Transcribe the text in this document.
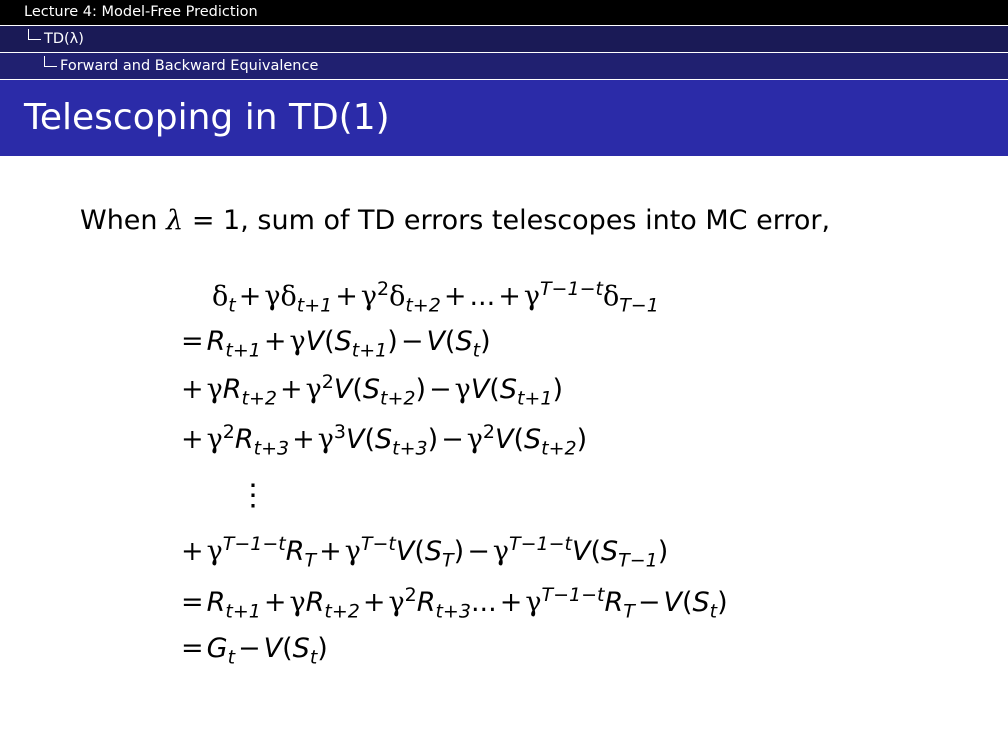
Lecture 4: Model-Free Prediction
TD(λ)
Forward and Backward Equivalence
Telescoping in TD(1)
When λ = 1, sum of TD errors telescopes into MC error,
$\delta_t + \gamma\delta_{t+1} + \gamma^2\delta_{t+2}$ + ... + $\gamma^{T-1-t}\delta_{T-1}$
= $R_{t+1} + \gamma V(S_{t+1}) - V(S_t)$
+ $\gamma R_{t+2} + \gamma^2V(S_{t+2}) - \gamma V(S_{t+1})$
+ $\gamma^2R_{t+3} + \gamma^3V(S_{t+3}) - \gamma^2V(S_{t+2})$
⋮
+ $\gamma^{T-1-t}R_T + \gamma^{T-t}V(S_T) - \gamma^{T-1-t}V(S_{T-1})$
= $R_{t+1} + \gamma R_{t+2} + \gamma^2R_{t+3}$... + $\gamma^{T-1-t}R_T - V(S_t)$
= $G_t - V(S_t)$
